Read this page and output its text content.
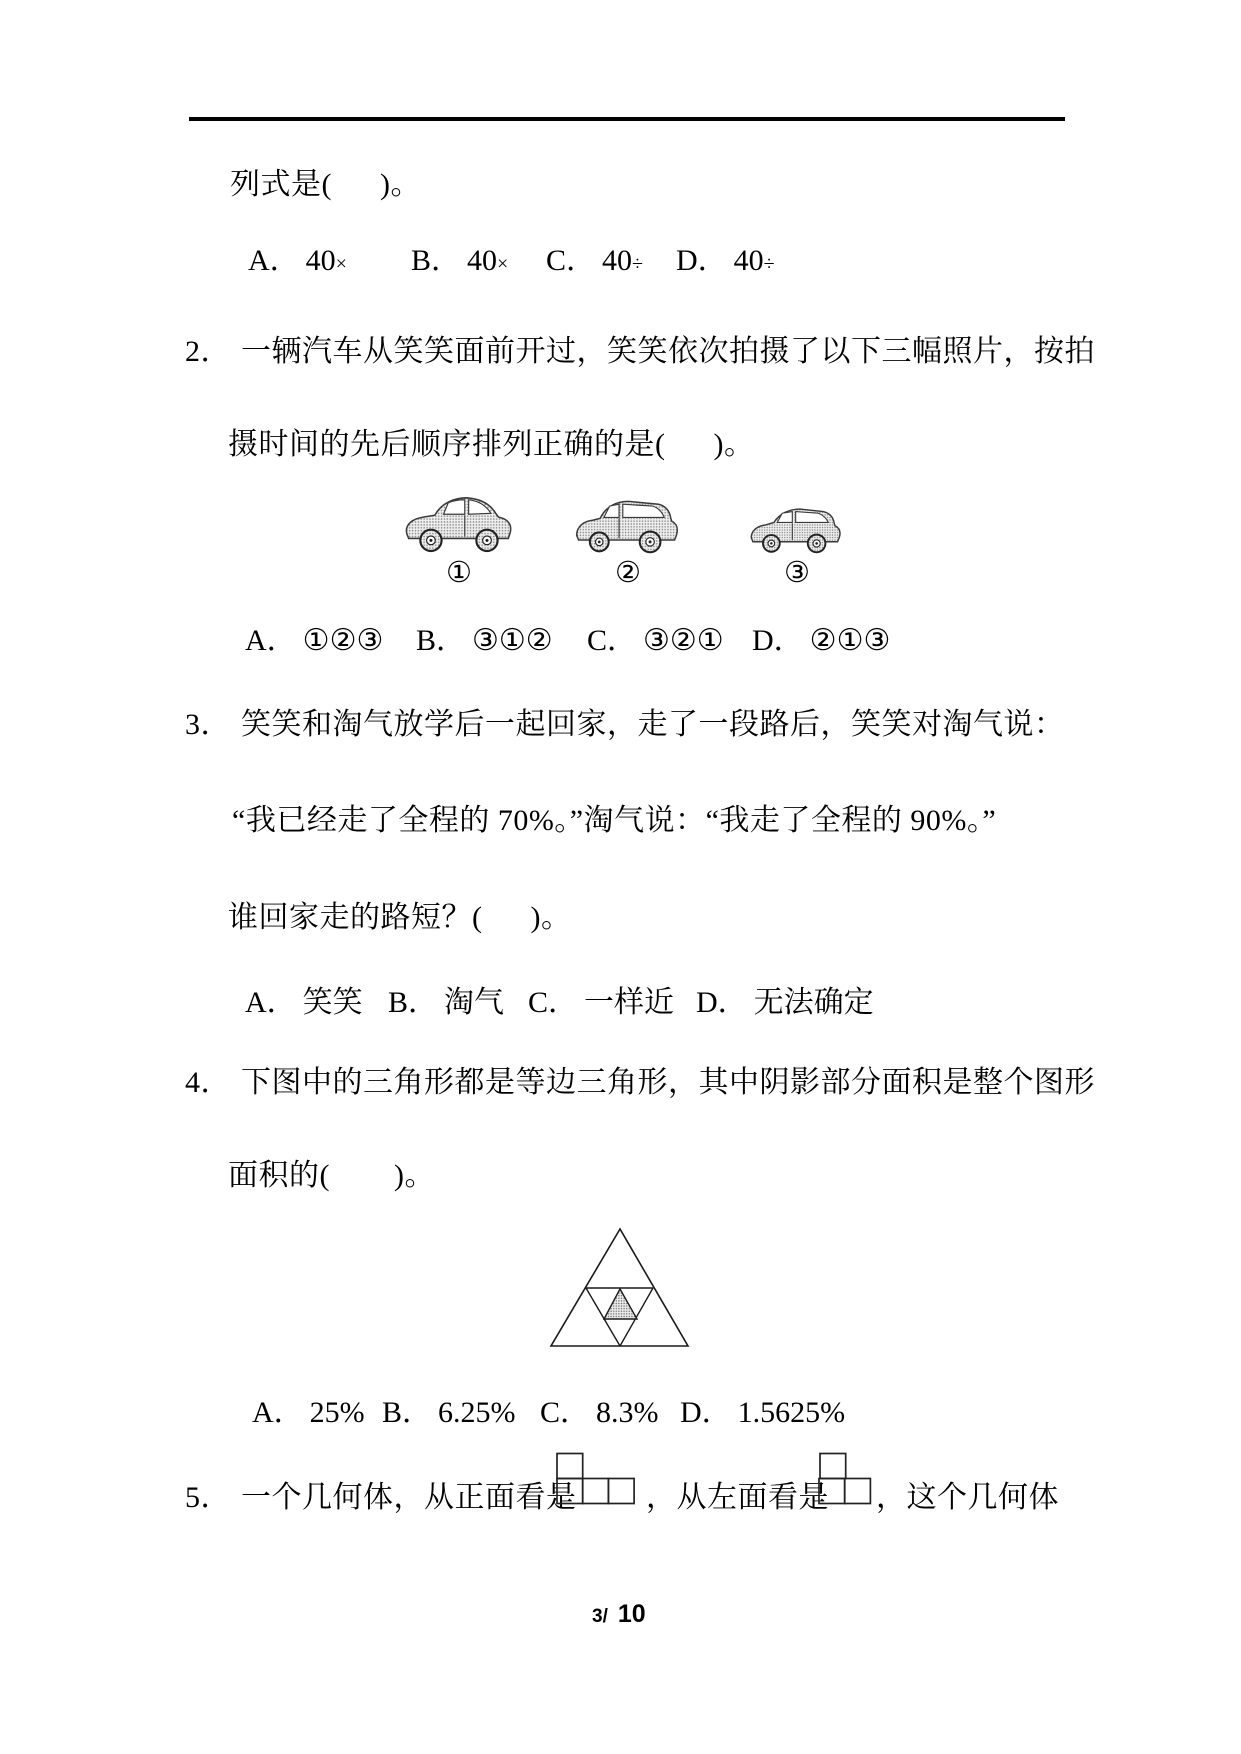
列式是(      )。
A． 40× B． 40× C． 40÷ D． 40÷
2． 一辆汽车从笑笑面前开过，笑笑依次拍摄了以下三幅照片，按拍
摄时间的先后顺序排列正确的是(      )。
①	②	③
A． ①②③ B． ③①② C． ③②① D． ②①③
3． 笑笑和淘气放学后一起回家，走了一段路后，笑笑对淘气说：
“我已经走了全程的 70%。”淘气说：“我走了全程的 90%。”
谁回家走的路短？(      )。
A． 笑笑 B． 淘气 C． 一样近 D． 无法确定
4． 下图中的三角形都是等边三角形，其中阴影部分面积是整个图形
面积的(        )。
A． 25% B． 6.25% C． 8.3% D． 1.5625%
5． 一个几何体，从正面看是 ，从左面看是 ，这个几何体
3/ 10
